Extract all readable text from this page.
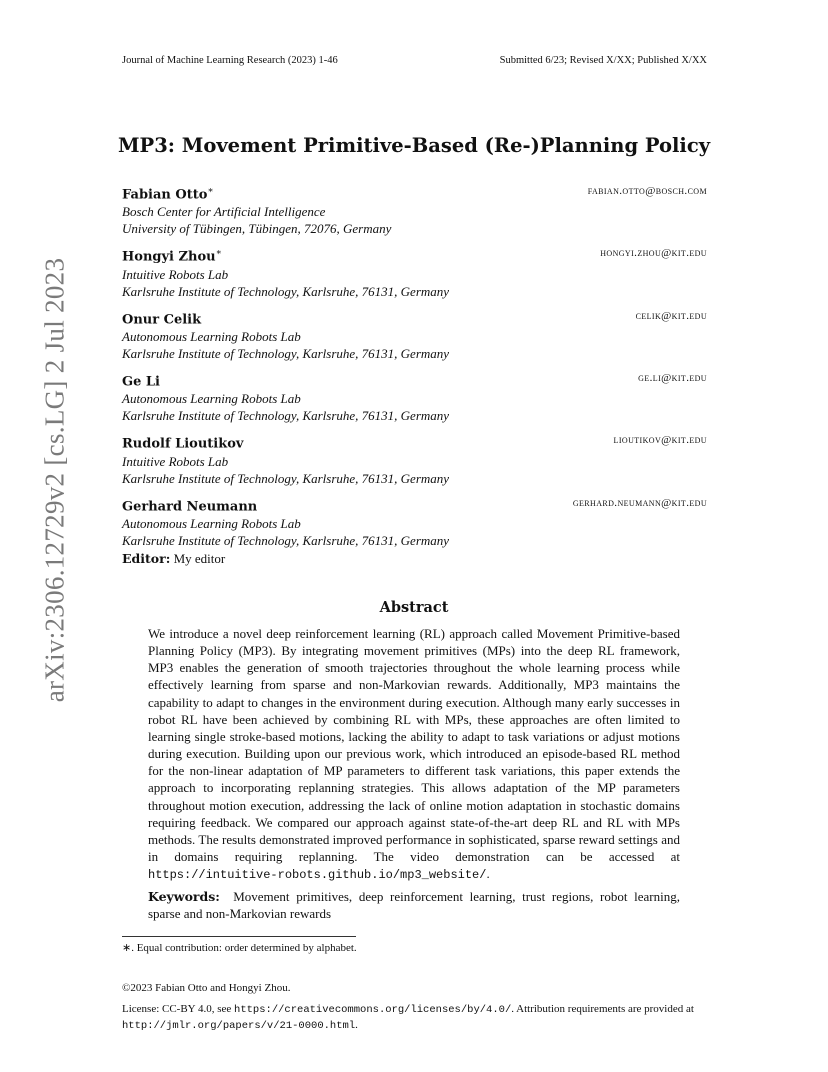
Journal of Machine Learning Research (2023) 1-46	Submitted 6/23; Revised X/XX; Published X/XX
arXiv:2306.12729v2 [cs.LG] 2 Jul 2023
MP3: Movement Primitive-Based (Re-)Planning Policy
Fabian Otto∗	fabian.otto@bosch.com
Bosch Center for Artificial Intelligence
University of Tübingen, Tübingen, 72076, Germany
Hongyi Zhou∗	hongyi.zhou@kit.edu
Intuitive Robots Lab
Karlsruhe Institute of Technology, Karlsruhe, 76131, Germany
Onur Celik	celik@kit.edu
Autonomous Learning Robots Lab
Karlsruhe Institute of Technology, Karlsruhe, 76131, Germany
Ge Li	ge.li@kit.edu
Autonomous Learning Robots Lab
Karlsruhe Institute of Technology, Karlsruhe, 76131, Germany
Rudolf Lioutikov	lioutikov@kit.edu
Intuitive Robots Lab
Karlsruhe Institute of Technology, Karlsruhe, 76131, Germany
Gerhard Neumann	gerhard.neumann@kit.edu
Autonomous Learning Robots Lab
Karlsruhe Institute of Technology, Karlsruhe, 76131, Germany
Editor: My editor
Abstract
We introduce a novel deep reinforcement learning (RL) approach called Movement Primitive-based Planning Policy (MP3). By integrating movement primitives (MPs) into the deep RL framework, MP3 enables the generation of smooth trajectories throughout the whole learning process while effectively learning from sparse and non-Markovian rewards. Additionally, MP3 maintains the capability to adapt to changes in the environment during execution. Although many early successes in robot RL have been achieved by combining RL with MPs, these approaches are often limited to learning single stroke-based motions, lacking the ability to adapt to task variations or adjust motions during execution. Building upon our previous work, which introduced an episode-based RL method for the non-linear adaptation of MP parameters to different task variations, this paper extends the approach to incorporating replanning strategies. This allows adaptation of the MP parameters throughout motion execution, addressing the lack of online motion adaptation in stochastic domains requiring feedback. We compared our approach against state-of-the-art deep RL and RL with MPs methods. The results demonstrated improved performance in sophisticated, sparse reward settings and in domains requiring replanning. The video demonstration can be accessed at https://intuitive-robots.github.io/mp3_website/.
Keywords: Movement primitives, deep reinforcement learning, trust regions, robot learning, sparse and non-Markovian rewards
∗. Equal contribution: order determined by alphabet.
©2023 Fabian Otto and Hongyi Zhou.
License: CC-BY 4.0, see https://creativecommons.org/licenses/by/4.0/. Attribution requirements are provided at http://jmlr.org/papers/v/21-0000.html.
